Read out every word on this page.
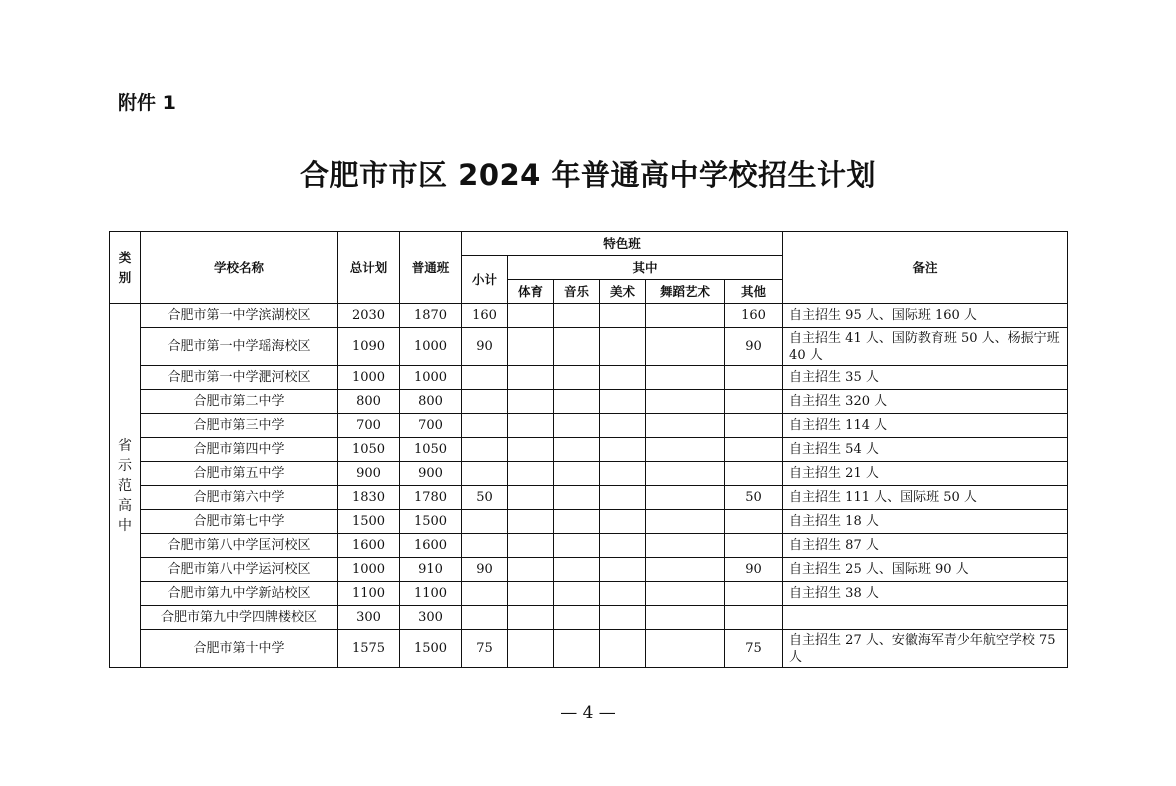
附件 1
合肥市市区 2024 年普通高中学校招生计划
类别	学校名称	总计划	普通班	特色班						备注
				小计	其中					
					体育	音乐	美术	舞蹈艺术	其他	
省示范高中	合肥市第一中学滨湖校区	2030	1870	160					160	自主招生 95 人、国际班 160 人
	合肥市第一中学瑶海校区	1090	1000	90					90	自主招生 41 人、国防教育班 50 人、杨振宁班 40 人
	合肥市第一中学淝河校区	1000	1000							自主招生 35 人
	合肥市第二中学	800	800							自主招生 320 人
	合肥市第三中学	700	700							自主招生 114 人
	合肥市第四中学	1050	1050							自主招生 54 人
	合肥市第五中学	900	900							自主招生 21 人
	合肥市第六中学	1830	1780	50					50	自主招生 111 人、国际班 50 人
	合肥市第七中学	1500	1500							自主招生 18 人
	合肥市第八中学匡河校区	1600	1600							自主招生 87 人
	合肥市第八中学运河校区	1000	910	90					90	自主招生 25 人、国际班 90 人
	合肥市第九中学新站校区	1100	1100							自主招生 38 人
	合肥市第九中学四牌楼校区	300	300							
	合肥市第十中学	1575	1500	75					75	自主招生 27 人、安徽海军青少年航空学校 75 人
— 4 —
